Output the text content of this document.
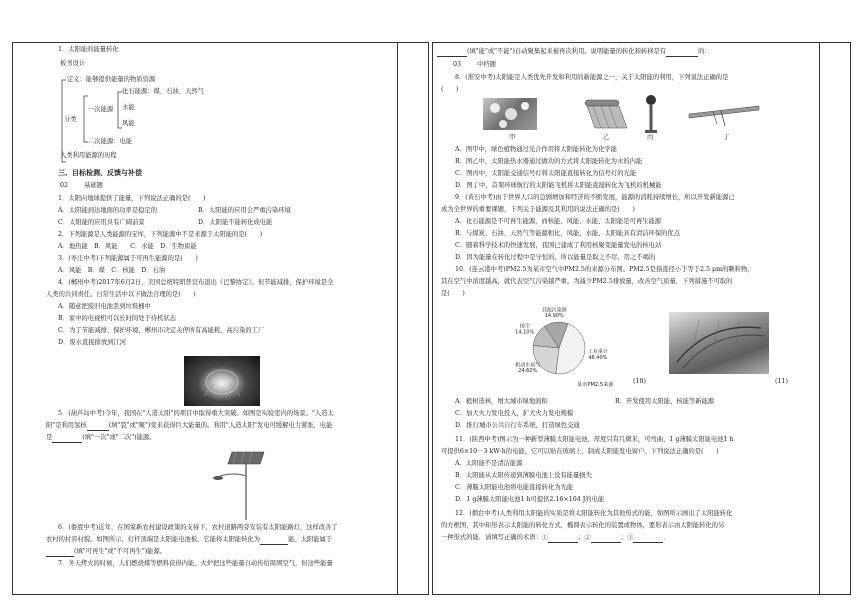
1．太阳能的能量转化

板书设计

定义：能够提供能量的物质资源

分类

一次能源

化石能源：煤、石油、天然气

水能

风能

二次能源：电能

人类利用能源的历程

三、目标检测、反馈与补偿

02	基础题

1．太阳向地球提供了能量，下列说法正确的是(　　)

A．太阳能到达地面的功率是稳定的	B．太阳能的应用会严重污染环境

C．太阳能的应用具有广阔前景	D．太阳能不能转化成电能

2．下列能源是人类能源的宝库，下列能源中不是来源于太阳能的是(　　)

A．地热能　B．风能　　C．水能　D．生物质能

3．(枣庄中考)下列能源属于可再生能源的是(　　)

A．风能　B．煤　C．核能　D．石油

4．(郴州中考)2017年6月2日，美国总统特朗普宣布退出《巴黎协定》。但节能减排，保护环境是全

人类的共同责任。日常生活中以下做法合理的是(　　)

A．随意把废旧电池丢到垃圾桶中

B．家中的电视机可以长时间处于待机状态

C．为了节能减排、保护环境，郴州市决定关停所有高能耗、高污染的工厂

D．废水直接排放到江河

5．(葫芦岛中考)今年，我国在"人造太阳"的项目中取得重大突破。如图是实验室内的场景。"人造太

阳"是利用氢核	(填"裂"或"聚")变来获得巨大能量的。利用"人造太阳"发电可缓解电力紧张，电能

是	(填"一次"或"二次")能源。

6．(娄底中考)近年，在国家新农村建设政策的支持下，农村道路两旁安装有太阳能路灯，这样改善了

农村的村容村貌。如图所示，灯杆顶端是太阳能电池板，它能将太阳能转化为	能。太阳能属于

(填"可再生"或"不可再生")能源。

7．冬天烤火的时候，人们燃烧煤等燃料获得内能，火炉把这些能量自动传给周围空气，但这些能量

(填"能"或"不能")自动聚集起来被再次利用。说明能量的转化和转移是有	的.

03	中档题

8．(淮安中考)太阳能是人类优先开发和利用的新能源之一，关于太阳能的利用，下列说法正确的是

(　　)

甲	乙	丙	丁

A．图甲中，绿色植物通过光合作用将太阳能转化为化学能

B．图乙中，太阳能热水器通过做功的方式将太阳能转化为水的内能

C．图丙中，太阳能交通信号灯将太阳能直接转化为信号灯的光能

D．图丁中，首架环球航行的太阳能飞机将太阳能直接转化为飞机的机械能

9．(黄石中考)由于世界人口的急剧增加和经济的不断发展，能源的消耗持续增长，所以开发新能源已

成为全世界的重要课题，下列关于能源及其利用的说法正确的是(　　)

A．化石能源是不可再生能源，而核能、风能、水能、太阳能是可再生能源

B．与煤炭、石油、天然气等能源相比，风能、水能、太阳能具有清洁环保的优点

C．随着科学技术的快速发展，我国已建成了利用核聚变能量发电的核电站

D．因为能量在转化过程中是守恒的，所以能量是取之不尽，用之不竭的

10．(连云港中考)PM2.5为某市空气中PM2.5的来源分布图。PM2.5是指直径小于等于2.5 μm的颗粒物，

其在空气中浓度越高，就代表空气污染越严重。为减少PM2.5排放量，改善空气质量，下列措施不可取的

是(　　)

工业重计 46.40%
机动车尾气 24.60%
扬尘 14.10%
其他污染源 14.90%
某市PM2.5来源	(10)	(11)

A．植树造林，增大城市绿地面积	B．开发使用太阳能、核能等新能源

C．加大火力发电投入，扩大火力发电规模

D．推行城市公共自行车系统，打造绿色交通

11．(陕西中考)图示为一种新型薄膜太阳能电池，厚度只有几微米，可弯曲，1 g薄膜太阳能电池1 h

可提供6×10－3 kW·h的电能，它可以贴在玻璃上，制成太阳能发电窗户。下列说法正确的是(　　)

A．太阳能不是清洁能源

B．太阳能从太阳传递到薄膜电池上没有能量损失

C．薄膜太阳能电池将电能直接转化为光能

D．1 g薄膜太阳能电池1 h可提供2.16×104 J的电能

12．(烟台中考)人类利用太阳能的实质是将太阳能转化为其他形式的能，如图所示画出了太阳能转化

的方框图，其中矩形表示太阳能的转化方式，椭圆表示转化的装置或物体，要形表示由太阳能转化的另

一种形式的能．请填写正确的术语：①	；②	；③	．
